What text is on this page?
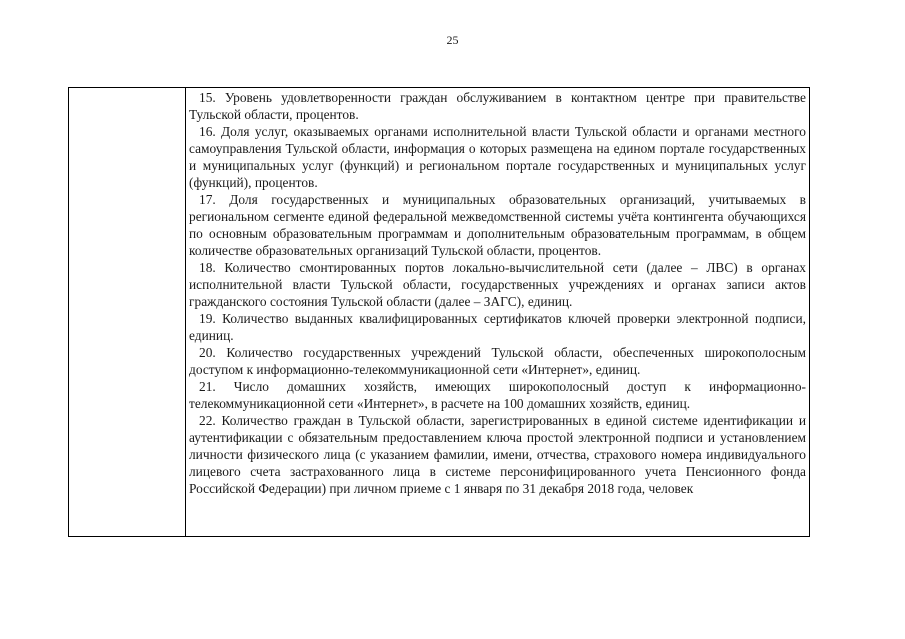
25

15. Уровень удовлетворенности граждан обслуживанием в контактном центре при правительстве Тульской области, процентов.

16. Доля услуг, оказываемых органами исполнительной власти Тульской области и органами местного самоуправления Тульской области, информация о которых размещена на едином портале государственных и муниципальных услуг (функций) и региональном портале государственных и муниципальных услуг (функций), процентов.

17. Доля государственных и муниципальных образовательных организаций, учитываемых в региональном сегменте единой федеральной межведомственной системы учёта контингента обучающихся по основным образовательным программам и дополнительным образовательным программам, в общем количестве образовательных организаций Тульской области, процентов.

18. Количество смонтированных портов локально-вычислительной сети (далее – ЛВС) в органах исполнительной власти Тульской области, государственных учреждениях и органах записи актов гражданского состояния Тульской области (далее – ЗАГС), единиц.

19. Количество выданных квалифицированных сертификатов ключей проверки электронной подписи, единиц.

20. Количество государственных учреждений Тульской области, обеспеченных широкополосным доступом к информационно-телекоммуникационной сети «Интернет», единиц.

21. Число домашних хозяйств, имеющих широкополосный доступ к информационно-телекоммуникационной сети «Интернет», в расчете на 100 домашних хозяйств, единиц.

22. Количество граждан в Тульской области, зарегистрированных в единой системе идентификации и аутентификации с обязательным предоставлением ключа простой электронной подписи и установлением личности физического лица (с указанием фамилии, имени, отчества, страхового номера индивидуального лицевого счета застрахованного лица в системе персонифицированного учета Пенсионного фонда Российской Федерации) при личном приеме с 1 января по 31 декабря 2018 года, человек
